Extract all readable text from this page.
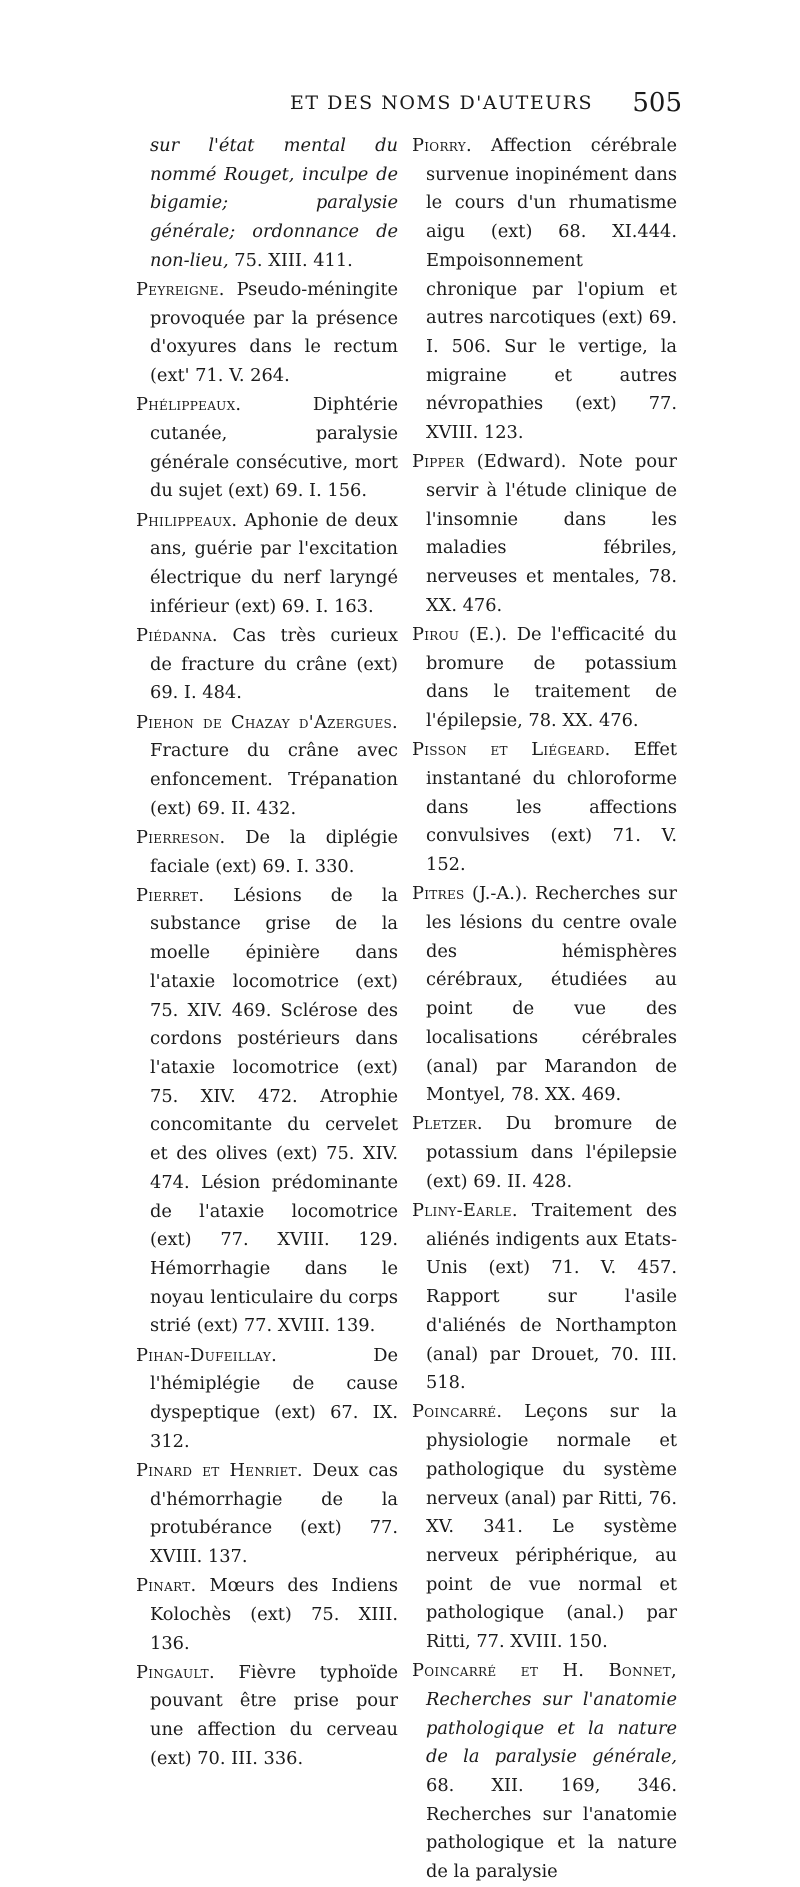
ET DES NOMS D'AUTEURS 505

sur l'état mental du nommé Rouget, inculpe de bigamie; paralysie générale; ordonnance de non-lieu, 75. XIII. 411.

Peyreigne. Pseudo-méningite provoquée par la présence d'oxyures dans le rectum (ext' 71. V. 264.

Phélippeaux. Diphtérie cutanée, paralysie générale consécutive, mort du sujet (ext) 69. I. 156.

Philippeaux. Aphonie de deux ans, guérie par l'excitation électrique du nerf laryngé inférieur (ext) 69. I. 163.

Piédanna. Cas très curieux de fracture du crâne (ext) 69. I. 484.

Piehon de Chazay d'Azergues. Fracture du crâne avec enfoncement. Trépanation (ext) 69. II. 432.

Pierreson. De la diplégie faciale (ext) 69. I. 330.

Pierret. Lésions de la substance grise de la moelle épinière dans l'ataxie locomotrice (ext) 75. XIV. 469. Sclérose des cordons postérieurs dans l'ataxie locomotrice (ext) 75. XIV. 472. Atrophie concomitante du cervelet et des olives (ext) 75. XIV. 474. Lésion prédominante de l'ataxie locomotrice (ext) 77. XVIII. 129. Hémorrhagie dans le noyau lenticulaire du corps strié (ext) 77. XVIII. 139.

Pihan-Dufeillay. De l'hémiplégie de cause dyspeptique (ext) 67. IX. 312.

Pinard et Henriet. Deux cas d'hémorrhagie de la protubérance (ext) 77. XVIII. 137.

Pinart. Mœurs des Indiens Kolochès (ext) 75. XIII. 136.

Pingault. Fièvre typhoïde pouvant être prise pour une affection du cerveau (ext) 70. III. 336.

Piorry. Affection cérébrale survenue inopinément dans le cours d'un rhumatisme aigu (ext) 68. XI.444. Empoisonnement chronique par l'opium et autres narcotiques (ext) 69. I. 506. Sur le vertige, la migraine et autres névropathies (ext) 77. XVIII. 123.

Pipper (Edward). Note pour servir à l'étude clinique de l'insomnie dans les maladies fébriles, nerveuses et mentales, 78. XX. 476.

Pirou (E.). De l'efficacité du bromure de potassium dans le traitement de l'épilepsie, 78. XX. 476.

Pisson et Liégeard. Effet instantané du chloroforme dans les affections convulsives (ext) 71. V. 152.

Pitres (J.-A.). Recherches sur les lésions du centre ovale des hémisphères cérébraux, étudiées au point de vue des localisations cérébrales (anal) par Marandon de Montyel, 78. XX. 469.

Pletzer. Du bromure de potassium dans l'épilepsie (ext) 69. II. 428.

Pliny-Earle. Traitement des aliénés indigents aux Etats-Unis (ext) 71. V. 457. Rapport sur l'asile d'aliénés de Northampton (anal) par Drouet, 70. III. 518.

Poincarré. Leçons sur la physiologie normale et pathologique du système nerveux (anal) par Ritti, 76. XV. 341. Le système nerveux périphérique, au point de vue normal et pathologique (anal.) par Ritti, 77. XVIII. 150.

Poincarré et H. Bonnet, Recherches sur l'anatomie pathologique et la nature de la paralysie générale, 68. XII. 169, 346. Recherches sur l'anatomie pathologique et la nature de la paralysie
